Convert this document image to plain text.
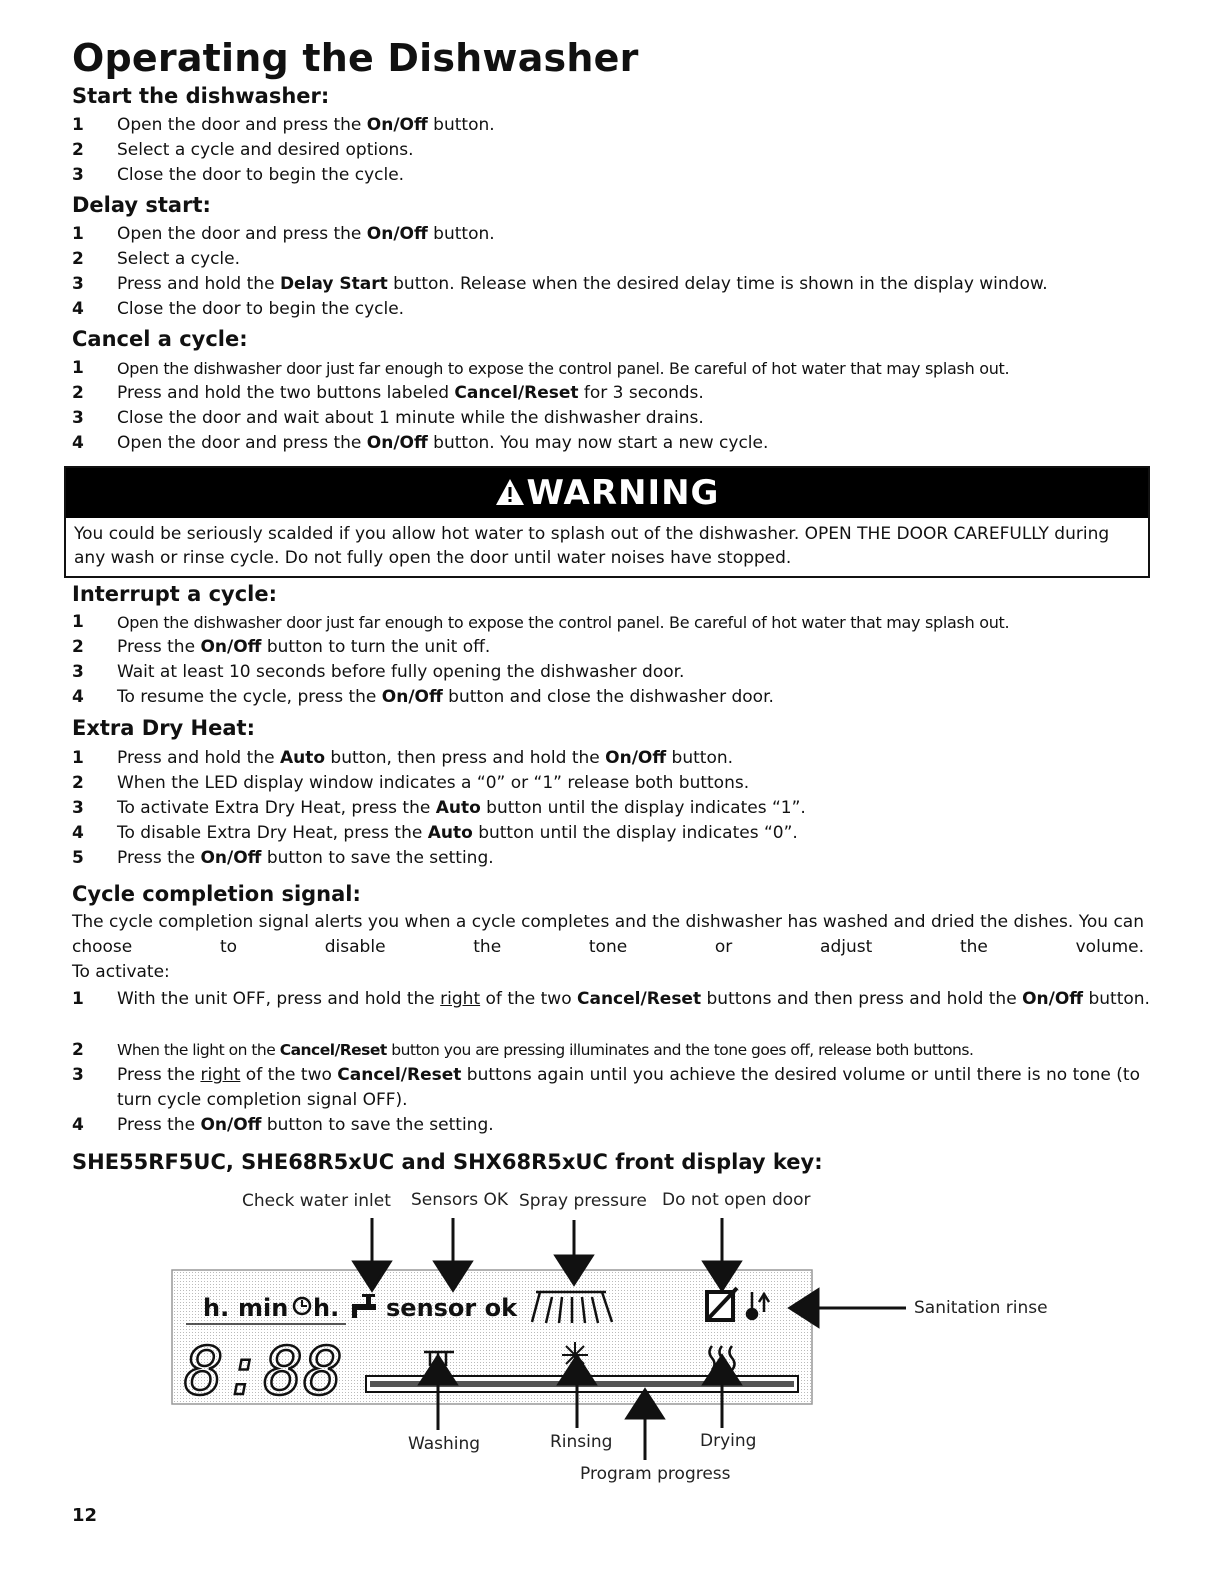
Operating the Dishwasher
Start the dishwasher:
1 Open the door and press the On/Off button.
2 Select a cycle and desired options.
3 Close the door to begin the cycle.
Delay start:
1 Open the door and press the On/Off button.
2 Select a cycle.
3 Press and hold the Delay Start button. Release when the desired delay time is shown in the display window.
4 Close the door to begin the cycle.
Cancel a cycle:
1 Open the dishwasher door just far enough to expose the control panel. Be careful of hot water that may splash out.
2 Press and hold the two buttons labeled Cancel/Reset for 3 seconds.
3 Close the door and wait about 1 minute while the dishwasher drains.
4 Open the door and press the On/Off button. You may now start a new cycle.
WARNING
You could be seriously scalded if you allow hot water to splash out of the dishwasher. OPEN THE DOOR CAREFULLY during any wash or rinse cycle. Do not fully open the door until water noises have stopped.
Interrupt a cycle:
1 Open the dishwasher door just far enough to expose the control panel. Be careful of hot water that may splash out.
2 Press the On/Off button to turn the unit off.
3 Wait at least 10 seconds before fully opening the dishwasher door.
4 To resume the cycle, press the On/Off button and close the dishwasher door.
Extra Dry Heat:
1 Press and hold the Auto button, then press and hold the On/Off button.
2 When the LED display window indicates a “0” or “1” release both buttons.
3 To activate Extra Dry Heat, press the Auto button until the display indicates “1”.
4 To disable Extra Dry Heat, press the Auto button until the display indicates “0”.
5 Press the On/Off button to save the setting.
Cycle completion signal:
The cycle completion signal alerts you when a cycle completes and the dishwasher has washed and dried the dishes. You can choose to disable the tone or adjust the volume.
To activate:
1 With the unit OFF, press and hold the right of the two Cancel/Reset buttons and then press and hold the On/Off button.
2 When the light on the Cancel/Reset button you are pressing illuminates and the tone goes off, release both buttons.
3 Press the right of the two Cancel/Reset buttons again until you achieve the desired volume or until there is no tone (to turn cycle completion signal OFF).
4 Press the On/Off button to save the setting.
SHE55RF5UC, SHE68R5xUC and SHX68R5xUC front display key:
Check water inlet Sensors OK Spray pressure Do not open door
Sanitation rinse
Washing	Rinsing	Drying
Program progress
h. min h. sensor ok
8:88
12
